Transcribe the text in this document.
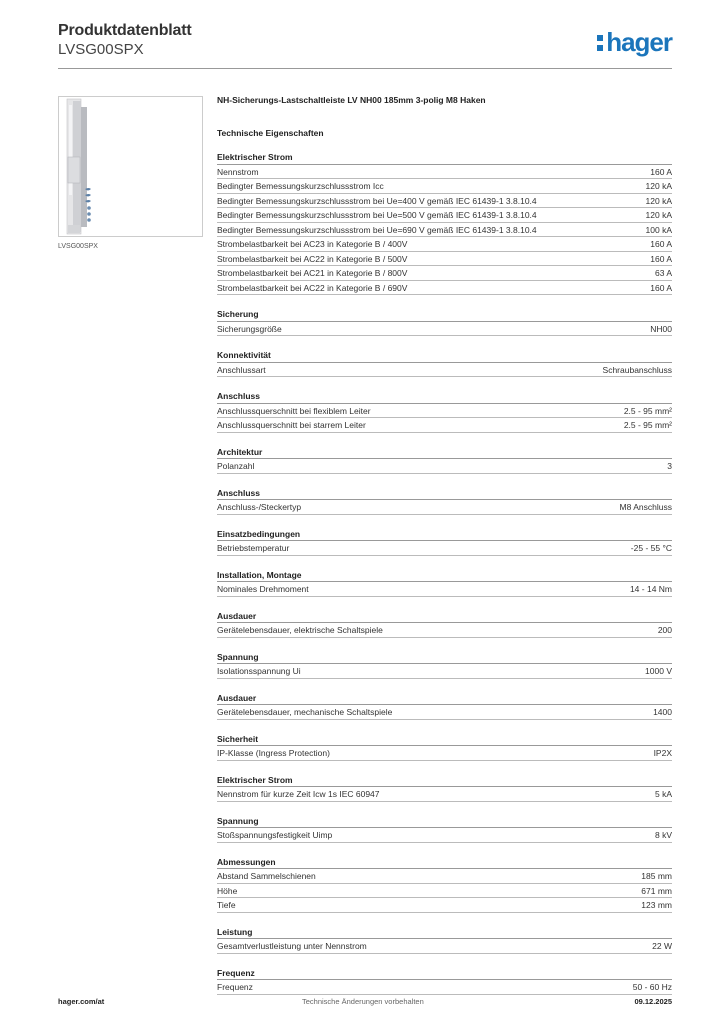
Produktdatenblatt
LVSG00SPX	hager
LVSG00SPX
NH-Sicherungs-Lastschaltleiste LV NH00 185mm 3-polig M8 Haken
Technische Eigenschaften
Elektrischer Strom
Nennstrom	160 A
Bedingter Bemessungskurzschlussstrom Icc	120 kA
Bedingter Bemessungskurzschlussstrom bei Ue=400 V gemäß IEC 61439-1 3.8.10.4	120 kA
Bedingter Bemessungskurzschlussstrom bei Ue=500 V gemäß IEC 61439-1 3.8.10.4	120 kA
Bedingter Bemessungskurzschlussstrom bei Ue=690 V gemäß IEC 61439-1 3.8.10.4	100 kA
Strombelastbarkeit bei AC23 in Kategorie B / 400V	160 A
Strombelastbarkeit bei AC22 in Kategorie B / 500V	160 A
Strombelastbarkeit bei AC21 in Kategorie B / 800V	63 A
Strombelastbarkeit bei AC22 in Kategorie B / 690V	160 A
Sicherung
Sicherungsgröße	NH00
Konnektivität
Anschlussart	Schraubanschluss
Anschluss
Anschlussquerschnitt bei flexiblem Leiter	2.5 - 95 mm²
Anschlussquerschnitt bei starrem Leiter	2.5 - 95 mm²
Architektur
Polanzahl	3
Anschluss
Anschluss-/Steckertyp	M8 Anschluss
Einsatzbedingungen
Betriebstemperatur	-25 - 55 °C
Installation, Montage
Nominales Drehmoment	14 - 14 Nm
Ausdauer
Gerätelebensdauer, elektrische Schaltspiele	200
Spannung
Isolationsspannung Ui	1000 V
Ausdauer
Gerätelebensdauer, mechanische Schaltspiele	1400
Sicherheit
IP-Klasse (Ingress Protection)	IP2X
Elektrischer Strom
Nennstrom für kurze Zeit Icw 1s IEC 60947	5 kA
Spannung
Stoßspannungsfestigkeit Uimp	8 kV
Abmessungen
Abstand Sammelschienen	185 mm
Höhe	671 mm
Tiefe	123 mm
Leistung
Gesamtverlustleistung unter Nennstrom	22 W
Frequenz
Frequenz	50 - 60 Hz
hager.com/at	Technische Änderungen vorbehalten	09.12.2025
